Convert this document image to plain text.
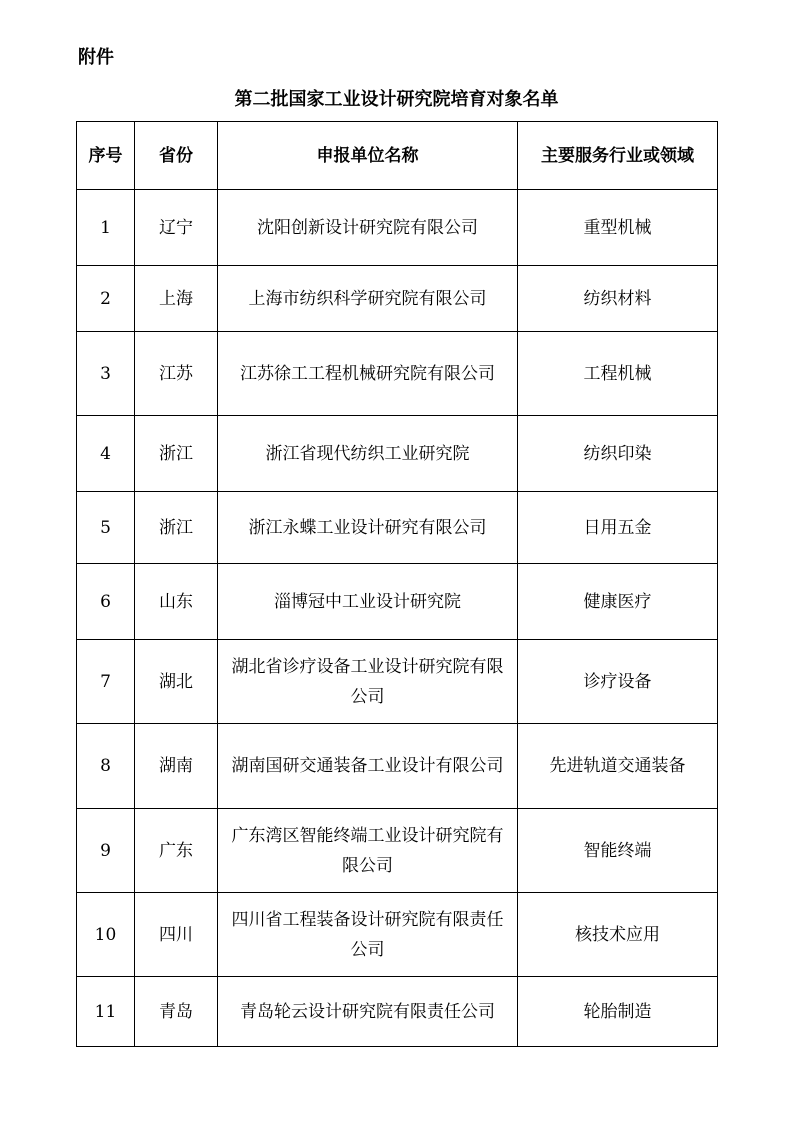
附件
第二批国家工业设计研究院培育对象名单
序号	省份	申报单位名称	主要服务行业或领域
1	辽宁	沈阳创新设计研究院有限公司	重型机械
2	上海	上海市纺织科学研究院有限公司	纺织材料
3	江苏	江苏徐工工程机械研究院有限公司	工程机械
4	浙江	浙江省现代纺织工业研究院	纺织印染
5	浙江	浙江永蝶工业设计研究有限公司	日用五金
6	山东	淄博冠中工业设计研究院	健康医疗
7	湖北	湖北省诊疗设备工业设计研究院有限公司	诊疗设备
8	湖南	湖南国研交通装备工业设计有限公司	先进轨道交通装备
9	广东	广东湾区智能终端工业设计研究院有限公司	智能终端
10	四川	四川省工程装备设计研究院有限责任公司	核技术应用
11	青岛	青岛轮云设计研究院有限责任公司	轮胎制造
